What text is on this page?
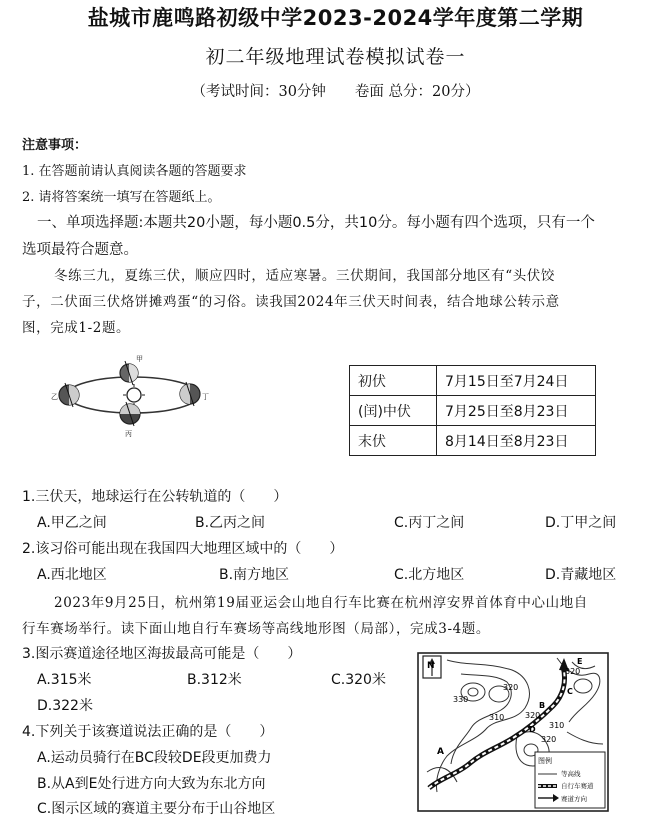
盐城市鹿鸣路初级中学2023-2024学年度第二学期
初二年级地理试卷模拟试卷一
（考试时间：30分钟　　卷面 总分：20分）
注意事项：
1. 在答题前请认真阅读各题的答题要求
2. 请将答案统一填写在答题纸上。
一、单项选择题:本题共20小题，每小题0.5分，共10分。每小题有四个选项，只有一个
选项最符合题意。
冬练三九，夏练三伏，顺应四时，适应寒暑。三伏期间，我国部分地区有“头伏饺
子，二伏面三伏烙饼摊鸡蛋“的习俗。读我国2024年三伏天时间表，结合地球公转示意
图，完成1-2题。
甲
丙
丁
乙
初伏	7月15日至7月24日
(闰)中伏	7月25日至8月23日
末伏	8月14日至8月23日
1.三伏天，地球运行在公转轨道的（　　）
A.甲乙之间	B.乙丙之间	C.丙丁之间	D.丁甲之间
2.该习俗可能出现在我国四大地理区域中的（　　）
A.西北地区	B.南方地区	C.北方地区	D.青藏地区
2023年9月25日，杭州第19届亚运会山地自行车比赛在杭州淳安界首体育中心山地自
行车赛场举行。读下面山地自行车赛场等高线地形图（局部），完成3-4题。
3.图示赛道途径地区海拔最高可能是（　　）
A.315米	B.312米	C.320米
D.322米
4.下列关于该赛道说法正确的是（　　）
A.运动员骑行在BC段较DE段更加费力
B.从A到E处行进方向大致为东北方向
C.图示区域的赛道主要分布于山谷地区
N
330
320
310
310
320
320
320
A
B
C
D
E
图例
等高线
自行车赛道
赛道方向
